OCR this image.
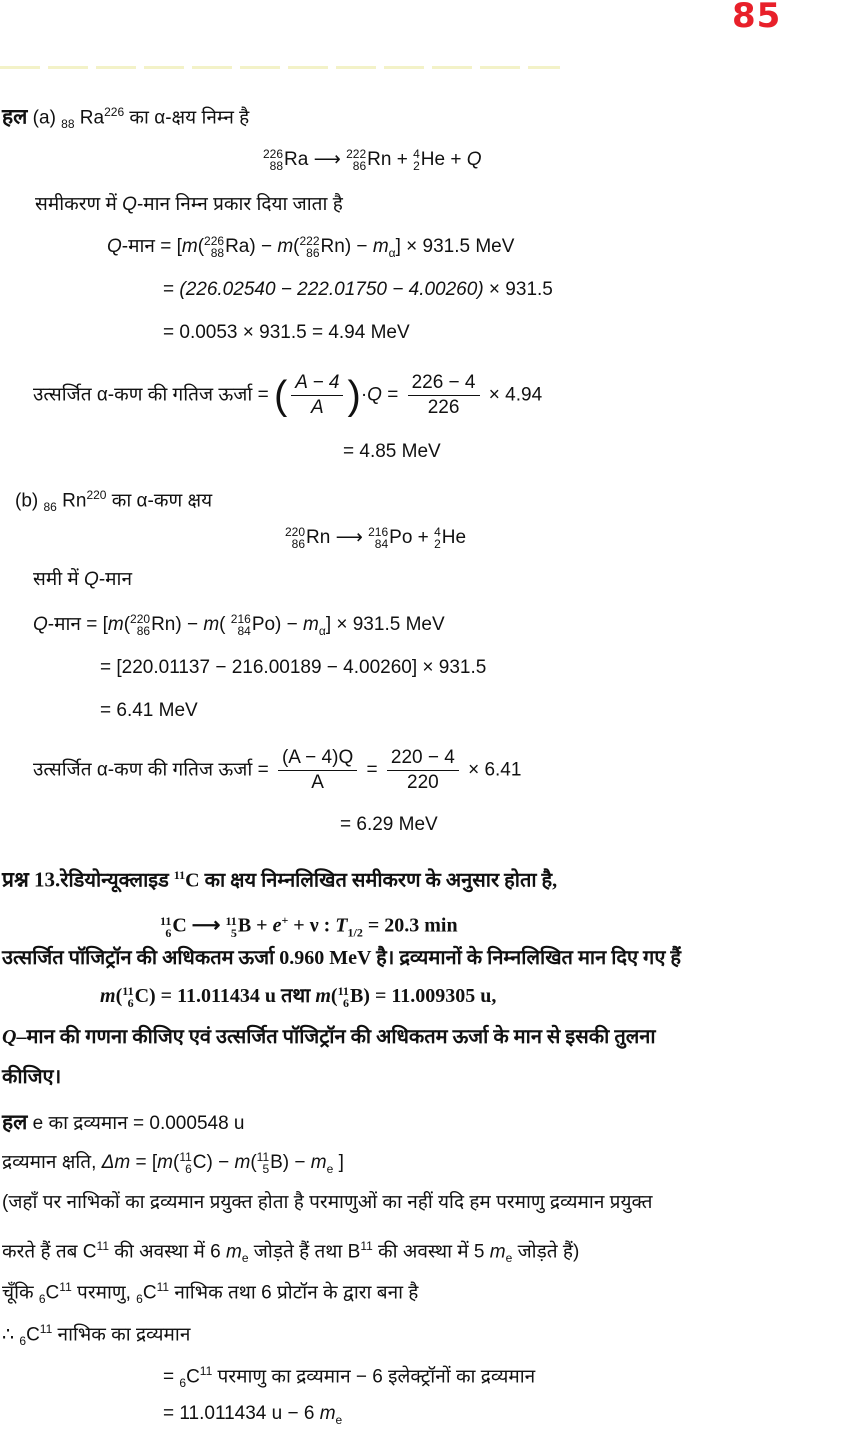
85
हल (a) $_{88}$ Ra$^{226}$ का α-क्षय निम्न है
226
88 Ra ⟶ 222
86 Rn + 4
2 He + Q
समीकरण में Q-मान निम्न प्रकार दिया जाता है
Q-मान = [m( 226
88 Ra) − m( 222
86 $Rn) - m_\alpha] \times 931.5$ MeV
= (226.02540 − 222.01750 − 4.00260) × 931.5
= 0.0053 × 931.5 = 4.94 MeV
उत्सर्जित α-कण की गतिज ऊर्जा = ( $\frac{A - 4}{A} )\cdot Q = \frac{226 - 4}{226} \times 4.94$
= 4.85 MeV
(b) $_{86}$ Rn$^{220}$ का α-कण क्षय
220
86 Rn ⟶ 216
84 Po + 4
2 He
समी में Q-मान
Q-मान = [m( 220
86 Rn) − m( 216
84 $Po) - m_\alpha] \times 931.5$ MeV
= [220.01137 − 216.00189 − 4.00260] × 931.5
= 6.41 MeV
उत्सर्जित α-कण की गतिज ऊर्जा = $\frac{(A - 4)Q}{A} = \frac{220 - 4}{220} \times 6.41$
= 6.29 MeV
प्रश्न 13.रेडियोन्यूक्लाइड $^{11}$C का क्षय निम्नलिखित समीकरण के अनुसार होता है,
11
6 C ⟶ 11
5 B + e+ + ν : $T_{1/2} = 20.3$ min
उत्सर्जित पॉजिट्रॉन की अधिकतम ऊर्जा 0.960 MeV है। द्रव्यमानों के निम्नलिखित मान दिए गए हैं
m( 11
6 C) = 11.011434 u तथा m( 11
6 B) = 11.009305 u,
Q–मान की गणना कीजिए एवं उत्सर्जित पॉजिट्रॉन की अधिकतम ऊर्जा के मान से इसकी तुलना
कीजिए।
हल e का द्रव्यमान = 0.000548 u
द्रव्यमान क्षति, Δm = [m( 11
6 C) − m( 11
5 $B) - m_e$ ]
(जहाँ पर नाभिकों का द्रव्यमान प्रयुक्त होता है परमाणुओं का नहीं यदि हम परमाणु द्रव्यमान प्रयुक्त
करते हैं तब $C^{11}$ की अवस्था में 6 $m_e$ जोड़ते हैं तथा $B^{11}$ की अवस्था में 5 $m_e$ जोड़ते हैं)
चूँकि $_6C^{11}$ परमाणु, $_6C^{11}$ नाभिक तथा 6 प्रोटॉन के द्वारा बना है
∴ $_6C^{11}$ नाभिक का द्रव्यमान
= $_6C^{11}$ परमाणु का द्रव्यमान − 6 इलेक्ट्रॉनों का द्रव्यमान
= 11.011434 u − 6 $m_e$
